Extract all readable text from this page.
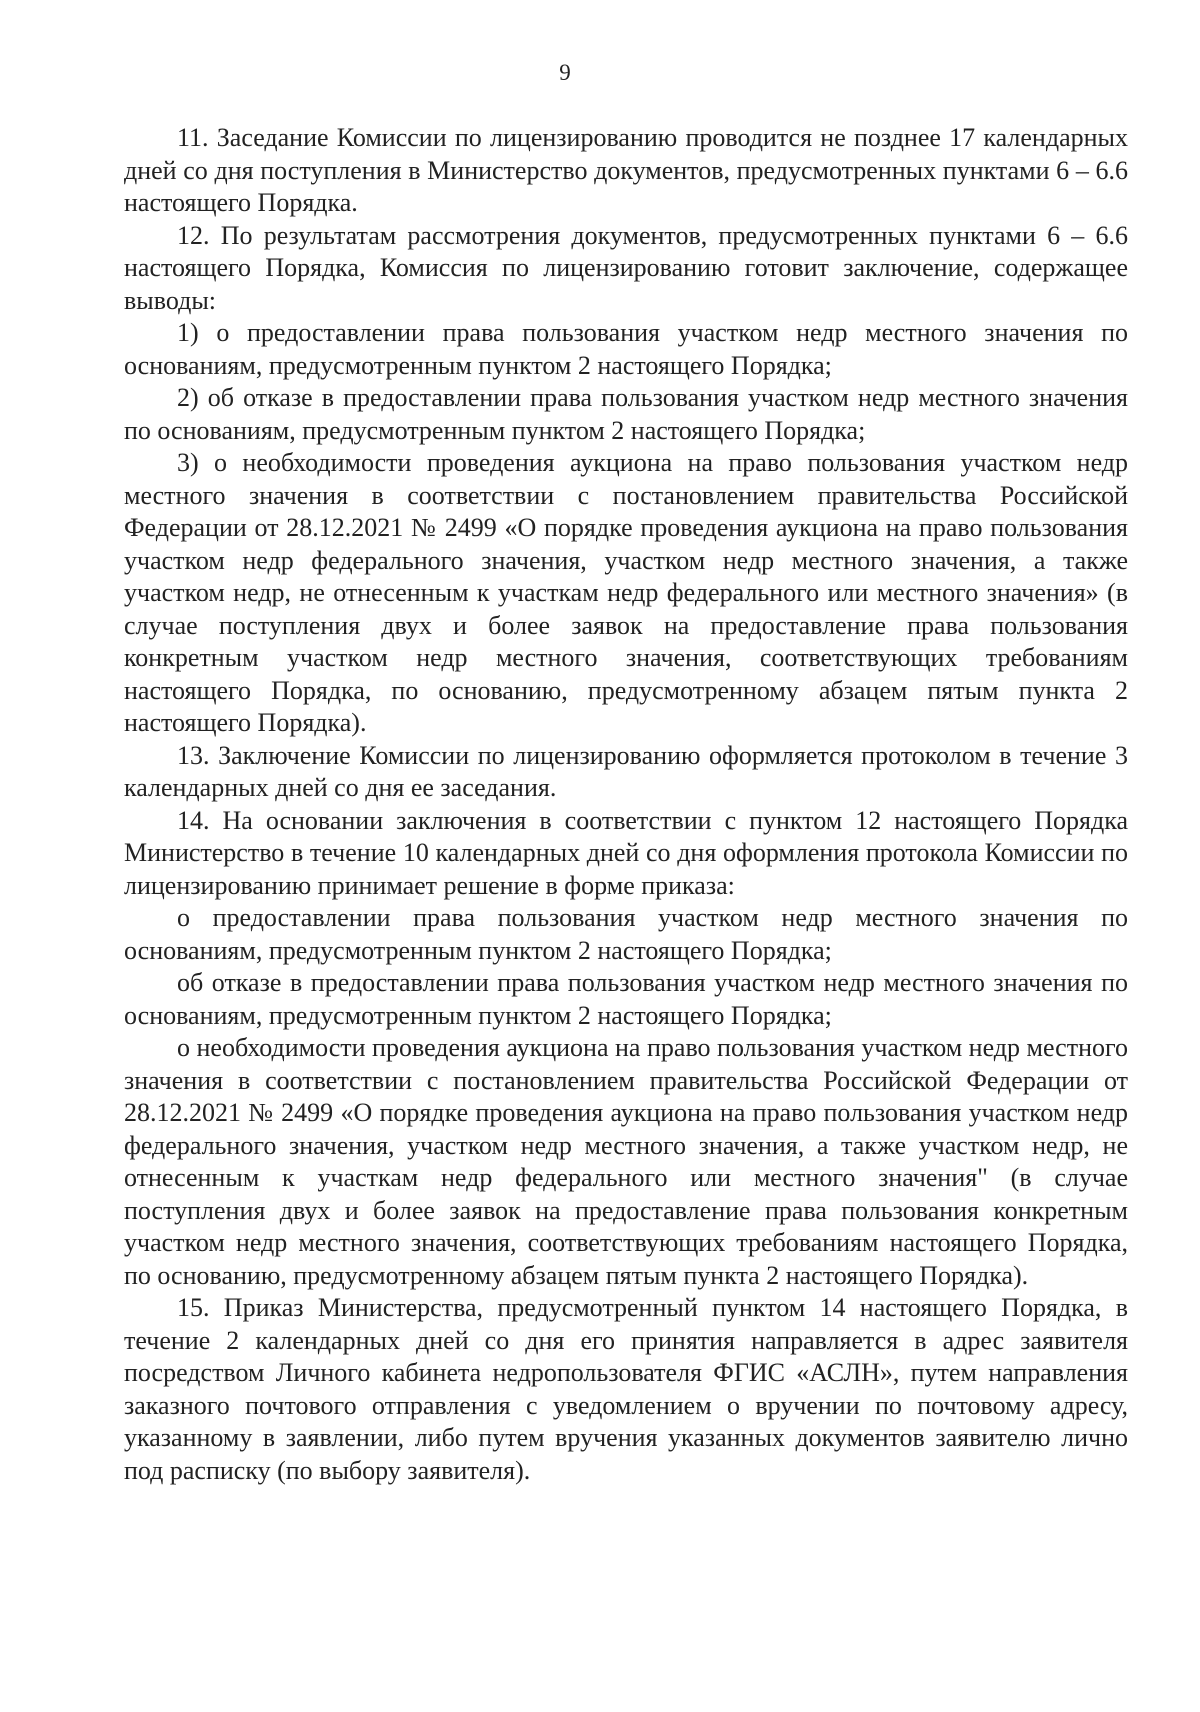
9

11. Заседание Комиссии по лицензированию проводится не позднее 17 календарных дней со дня поступления в Министерство документов, предусмотренных пунктами 6 – 6.6 настоящего Порядка.

12. По результатам рассмотрения документов, предусмотренных пунктами 6 – 6.6 настоящего Порядка, Комиссия по лицензированию готовит заключение, содержащее выводы:

1) о предоставлении права пользования участком недр местного значения по основаниям, предусмотренным пунктом 2 настоящего Порядка;

2) об отказе в предоставлении права пользования участком недр местного значения по основаниям, предусмотренным пунктом 2 настоящего Порядка;

3) о необходимости проведения аукциона на право пользования участком недр местного значения в соответствии с постановлением правительства Российской Федерации от 28.12.2021 № 2499 «О порядке проведения аукциона на право пользования участком недр федерального значения, участком недр местного значения, а также участком недр, не отнесенным к участкам недр федерального или местного значения» (в случае поступления двух и более заявок на предоставление права пользования конкретным участком недр местного значения, соответствующих требованиям настоящего Порядка, по основанию, предусмотренному абзацем пятым пункта 2 настоящего Порядка).

13. Заключение Комиссии по лицензированию оформляется протоколом в течение 3 календарных дней со дня ее заседания.

14. На основании заключения в соответствии с пунктом 12 настоящего Порядка Министерство в течение 10 календарных дней со дня оформления протокола Комиссии по лицензированию принимает решение в форме приказа:

о предоставлении права пользования участком недр местного значения по основаниям, предусмотренным пунктом 2 настоящего Порядка;

об отказе в предоставлении права пользования участком недр местного значения по основаниям, предусмотренным пунктом 2 настоящего Порядка;

о необходимости проведения аукциона на право пользования участком недр местного значения в соответствии с постановлением правительства Российской Федерации от 28.12.2021 № 2499 «О порядке проведения аукциона на право пользования участком недр федерального значения, участком недр местного значения, а также участком недр, не отнесенным к участкам недр федерального или местного значения" (в случае поступления двух и более заявок на предоставление права пользования конкретным участком недр местного значения, соответствующих требованиям настоящего Порядка, по основанию, предусмотренному абзацем пятым пункта 2 настоящего Порядка).

15. Приказ Министерства, предусмотренный пунктом 14 настоящего Порядка, в течение 2 календарных дней со дня его принятия направляется в адрес заявителя посредством Личного кабинета недропользователя ФГИС «АСЛН», путем направления заказного почтового отправления с уведомлением о вручении по почтовому адресу, указанному в заявлении, либо путем вручения указанных документов заявителю лично под расписку (по выбору заявителя).
